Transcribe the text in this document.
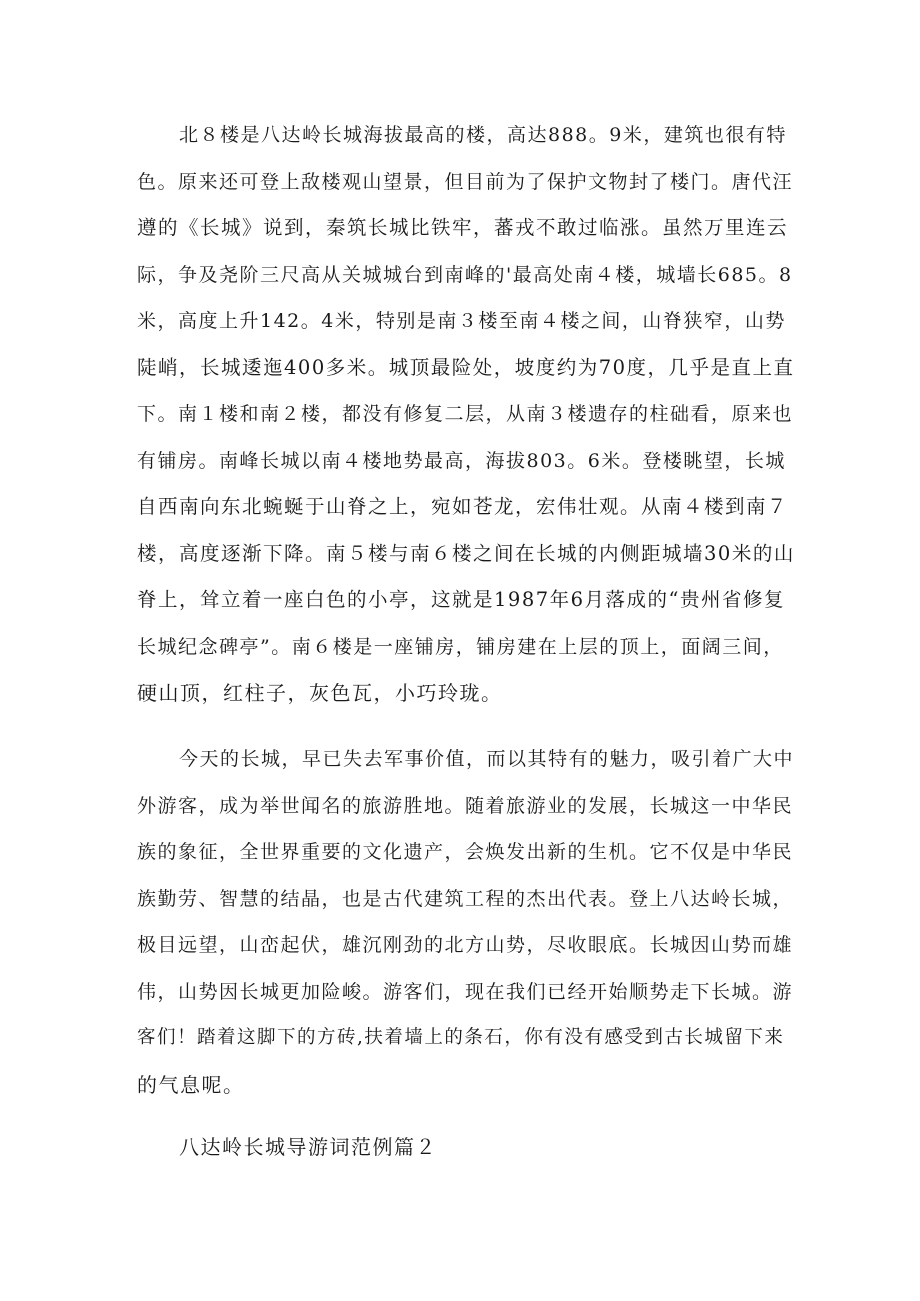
北８楼是八达岭长城海拔最高的楼，高达888。9米，建筑也很有特
色。原来还可登上敌楼观山望景，但目前为了保护文物封了楼门。唐代汪
遵的《长城》说到，秦筑长城比铁牢，蕃戎不敢过临涨。虽然万里连云
际，争及尧阶三尺高从关城城台到南峰的'最高处南４楼，城墙长685。8
米，高度上升142。4米，特别是南３楼至南４楼之间，山脊狭窄，山势
陡峭，长城逶迤400多米。城顶最险处，坡度约为70度，几乎是直上直
下。南１楼和南２楼，都没有修复二层，从南３楼遗存的柱础看，原来也
有铺房。南峰长城以南４楼地势最高，海拔803。6米。登楼眺望，长城
自西南向东北蜿蜒于山脊之上，宛如苍龙，宏伟壮观。从南４楼到南７
楼，高度逐渐下降。南５楼与南６楼之间在长城的内侧距城墙30米的山
脊上，耸立着一座白色的小亭，这就是1987年6月落成的“贵州省修复
长城纪念碑亭”。南６楼是一座铺房，铺房建在上层的顶上，面阔三间，
硬山顶，红柱子，灰色瓦，小巧玲珑。
今天的长城，早已失去军事价值，而以其特有的魅力，吸引着广大中
外游客，成为举世闻名的旅游胜地。随着旅游业的发展，长城这一中华民
族的象征，全世界重要的文化遗产，会焕发出新的生机。它不仅是中华民
族勤劳、智慧的结晶，也是古代建筑工程的杰出代表。登上八达岭长城，
极目远望，山峦起伏，雄沉刚劲的北方山势，尽收眼底。长城因山势而雄
伟，山势因长城更加险峻。游客们，现在我们已经开始顺势走下长城。游
客们！踏着这脚下的方砖,扶着墙上的条石，你有没有感受到古长城留下来
的气息呢。
八达岭长城导游词范例篇２
